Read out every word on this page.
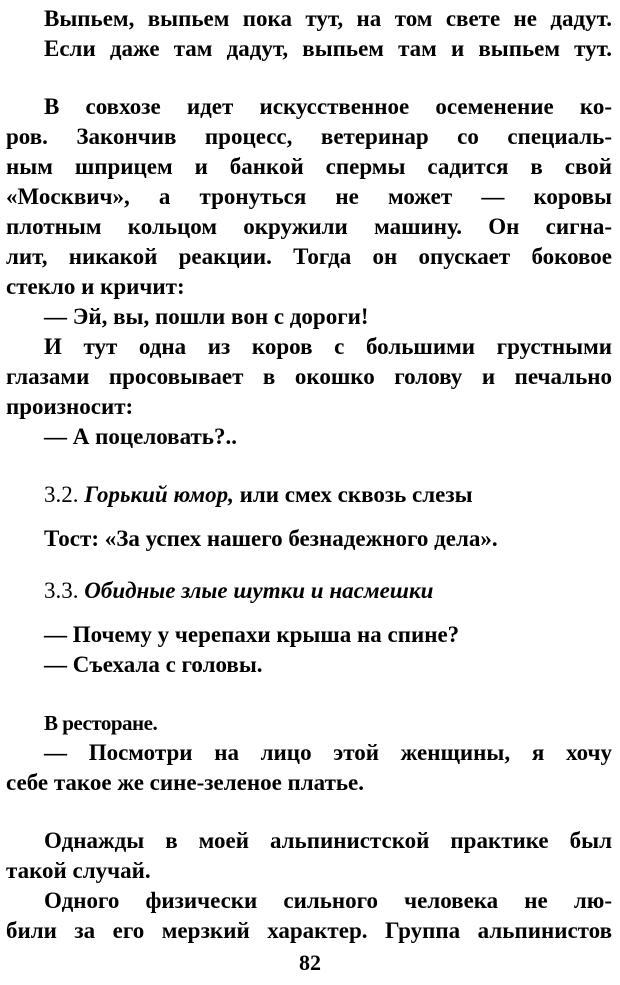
Выпьем, выпьем пока тут, на том свете не дадут.
Если даже там дадут, выпьем там и выпьем тут.
В совхозе идет искусственное осеменение ко-
ров. Закончив процесс, ветеринар со специаль-
ным шприцем и банкой спермы садится в свой
«Москвич», а тронуться не может — коровы
плотным кольцом окружили машину. Он сигна-
лит, никакой реакции. Тогда он опускает боковое
стекло и кричит:
— Эй, вы, пошли вон с дороги!
И тут одна из коров с большими грустными
глазами просовывает в окошко голову и печально
произносит:
— А поцеловать?..
3.2. Горький юмор, или смех сквозь слезы
Тост: «За успех нашего безнадежного дела».
3.3. Обидные злые шутки и насмешки
— Почему у черепахи крыша на спине?
— Съехала с головы.
В ресторане.
— Посмотри на лицо этой женщины, я хочу
себе такое же сине-зеленое платье.
Однажды в моей альпинистской практике был
такой случай.
Одного физически сильного человека не лю-
били за его мерзкий характер. Группа альпинистов
82
